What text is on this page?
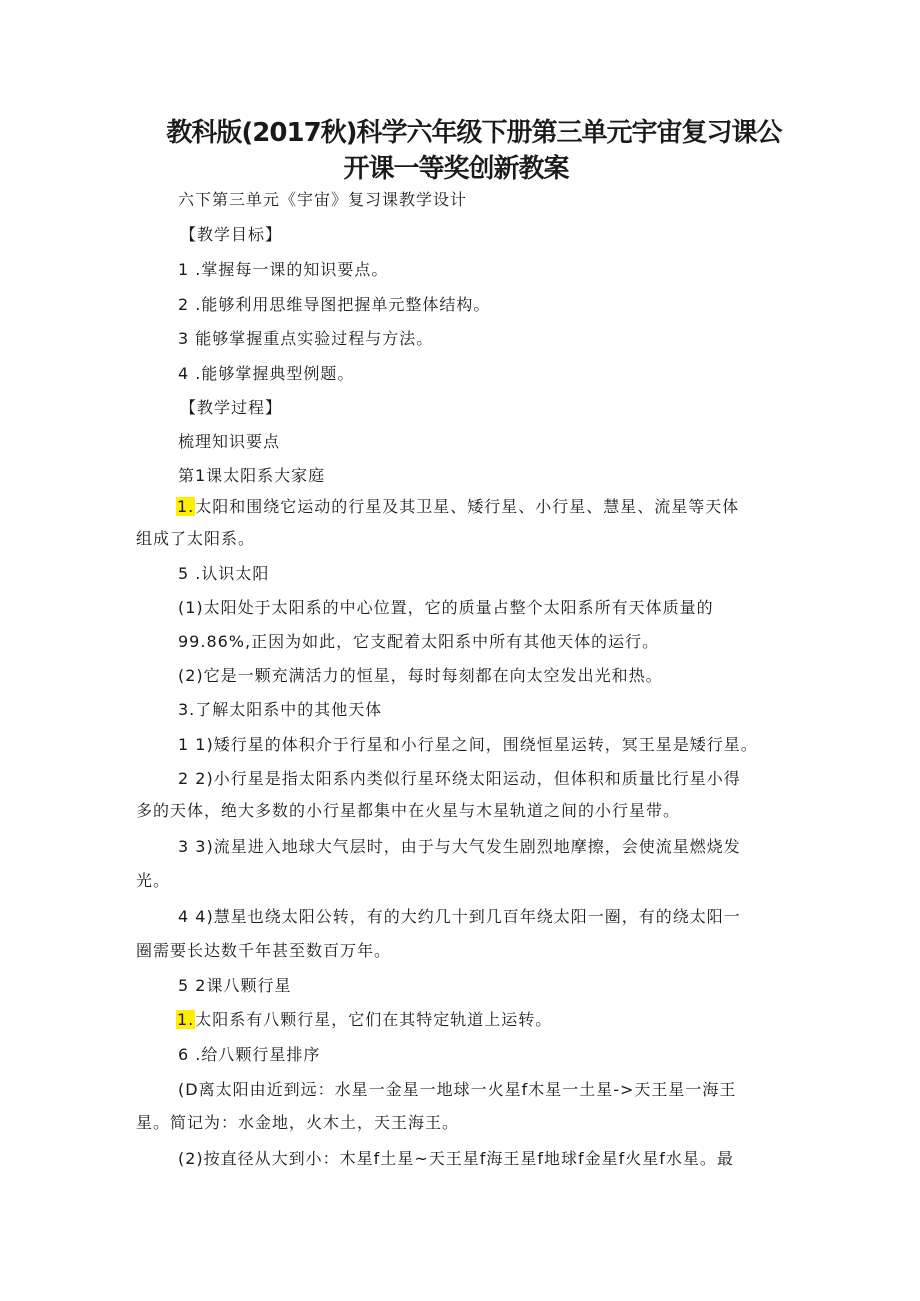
教科版(2017秋)科学六年级下册第三单元宇宙复习课公
开课一等奖创新教案
六下第三单元《宇宙》复习课教学设计
【教学目标】
1 .掌握每一课的知识要点。
2 .能够利用思维导图把握单元整体结构。
3 能够掌握重点实验过程与方法。
4 .能够掌握典型例题。
【教学过程】
梳理知识要点
第1课太阳系大家庭
1.太阳和围绕它运动的行星及其卫星、矮行星、小行星、慧星、流星等天体
组成了太阳系。
5 .认识太阳
(1)太阳处于太阳系的中心位置，它的质量占整个太阳系所有天体质量的
99.86%,正因为如此，它支配着太阳系中所有其他天体的运行。
(2)它是一颗充满活力的恒星，每时每刻都在向太空发出光和热。
3.了解太阳系中的其他天体
1 1)矮行星的体积介于行星和小行星之间，围绕恒星运转，冥王星是矮行星。
2 2)小行星是指太阳系内类似行星环绕太阳运动，但体积和质量比行星小得
多的天体，绝大多数的小行星都集中在火星与木星轨道之间的小行星带。
3 3)流星进入地球大气层时，由于与大气发生剧烈地摩擦，会使流星燃烧发
光。
4 4)慧星也绕太阳公转，有的大约几十到几百年绕太阳一圈，有的绕太阳一
圈需要长达数千年甚至数百万年。
5 2课八颗行星
1.太阳系有八颗行星，它们在其特定轨道上运转。
6 .给八颗行星排序
(D离太阳由近到远：水星一金星一地球一火星f木星一土星->天王星一海王
星。简记为：水金地，火木土，天王海王。
(2)按直径从大到小：木星f土星~天王星f海王星f地球f金星f火星f水星。最
